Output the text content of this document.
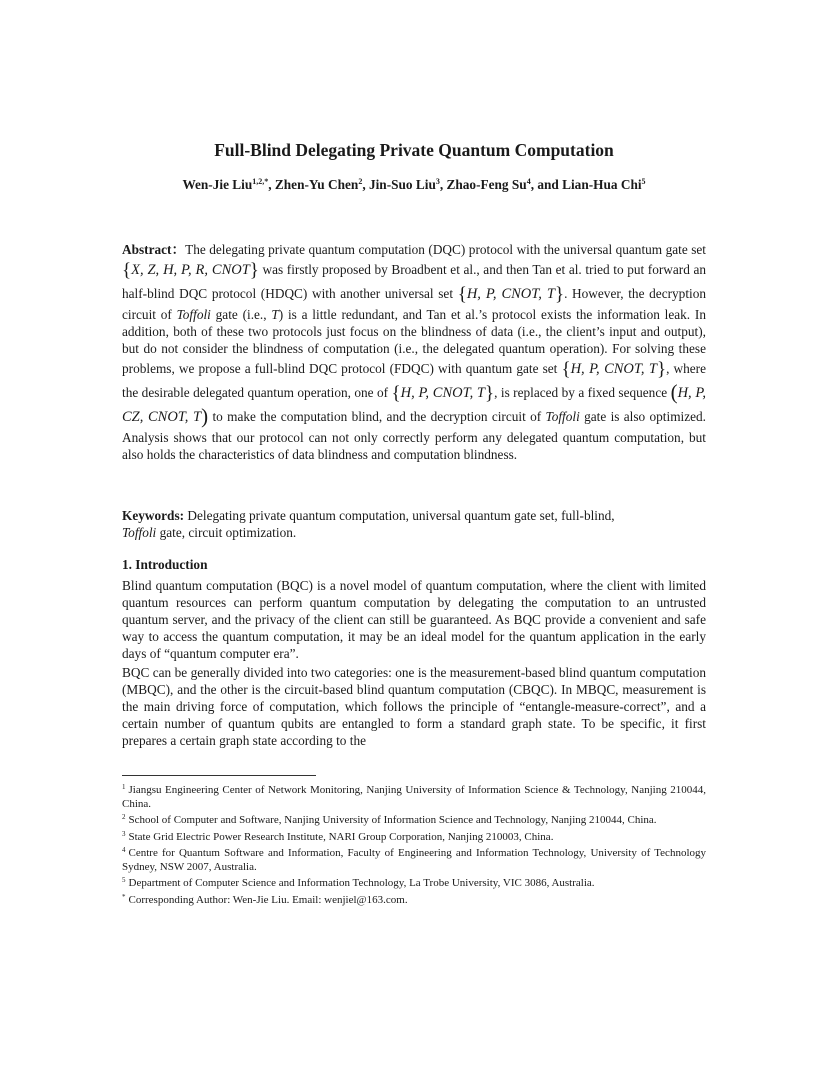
Full-Blind Delegating Private Quantum Computation

Wen-Jie Liu$^{1,2,*}$, Zhen-Yu Chen$^2$, Jin-Suo Liu$^3$, Zhao-Feng Su$^4$, and Lian-Hua Chi$^5$

Abstract：The delegating private quantum computation (DQC) protocol with the universal quantum gate set {X, Z, H, P, R, CNOT} was firstly proposed by Broadbent et al., and then Tan et al. tried to put forward an half-blind DQC protocol (HDQC) with another universal set {H, P, CNOT, T}. However, the decryption circuit of Toffoli gate (i.e., T) is a little redundant, and Tan et al.’s protocol exists the information leak. In addition, both of these two protocols just focus on the blindness of data (i.e., the client’s input and output), but do not consider the blindness of computation (i.e., the delegated quantum operation). For solving these problems, we propose a full-blind DQC protocol (FDQC) with quantum gate set {H, P, CNOT, T}, where the desirable delegated quantum operation, one of {H, P, CNOT, T}, is replaced by a fixed sequence (H, P, CZ, CNOT, T) to make the computation blind, and the decryption circuit of Toffoli gate is also optimized. Analysis shows that our protocol can not only correctly perform any delegated quantum computation, but also holds the characteristics of data blindness and computation blindness.

Keywords: Delegating private quantum computation, universal quantum gate set, full-blind,
Toffoli gate, circuit optimization.

1. Introduction

Blind quantum computation (BQC) is a novel model of quantum computation, where the client with limited quantum resources can perform quantum computation by delegating the computation to an untrusted quantum server, and the privacy of the client can still be guaranteed. As BQC provide a convenient and safe way to access the quantum computation, it may be an ideal model for the quantum application in the early days of “quantum computer era”.

BQC can be generally divided into two categories: one is the measurement-based blind quantum computation (MBQC), and the other is the circuit-based blind quantum computation (CBQC). In MBQC, measurement is the main driving force of computation, which follows the principle of “entangle-measure-correct”, and a certain number of quantum qubits are entangled to form a standard graph state. To be specific, it first prepares a certain graph state according to the

$^1$ Jiangsu Engineering Center of Network Monitoring, Nanjing University of Information Science & Technology, Nanjing 210044, China.

$^2$ School of Computer and Software, Nanjing University of Information Science and Technology, Nanjing 210044, China.

$^3$ State Grid Electric Power Research Institute, NARI Group Corporation, Nanjing 210003, China.

$^4$ Centre for Quantum Software and Information, Faculty of Engineering and Information Technology, University of Technology Sydney, NSW 2007, Australia.

$^5$ Department of Computer Science and Information Technology, La Trobe University, VIC 3086, Australia.

* Corresponding Author: Wen-Jie Liu. Email: wenjiel@163.com.
